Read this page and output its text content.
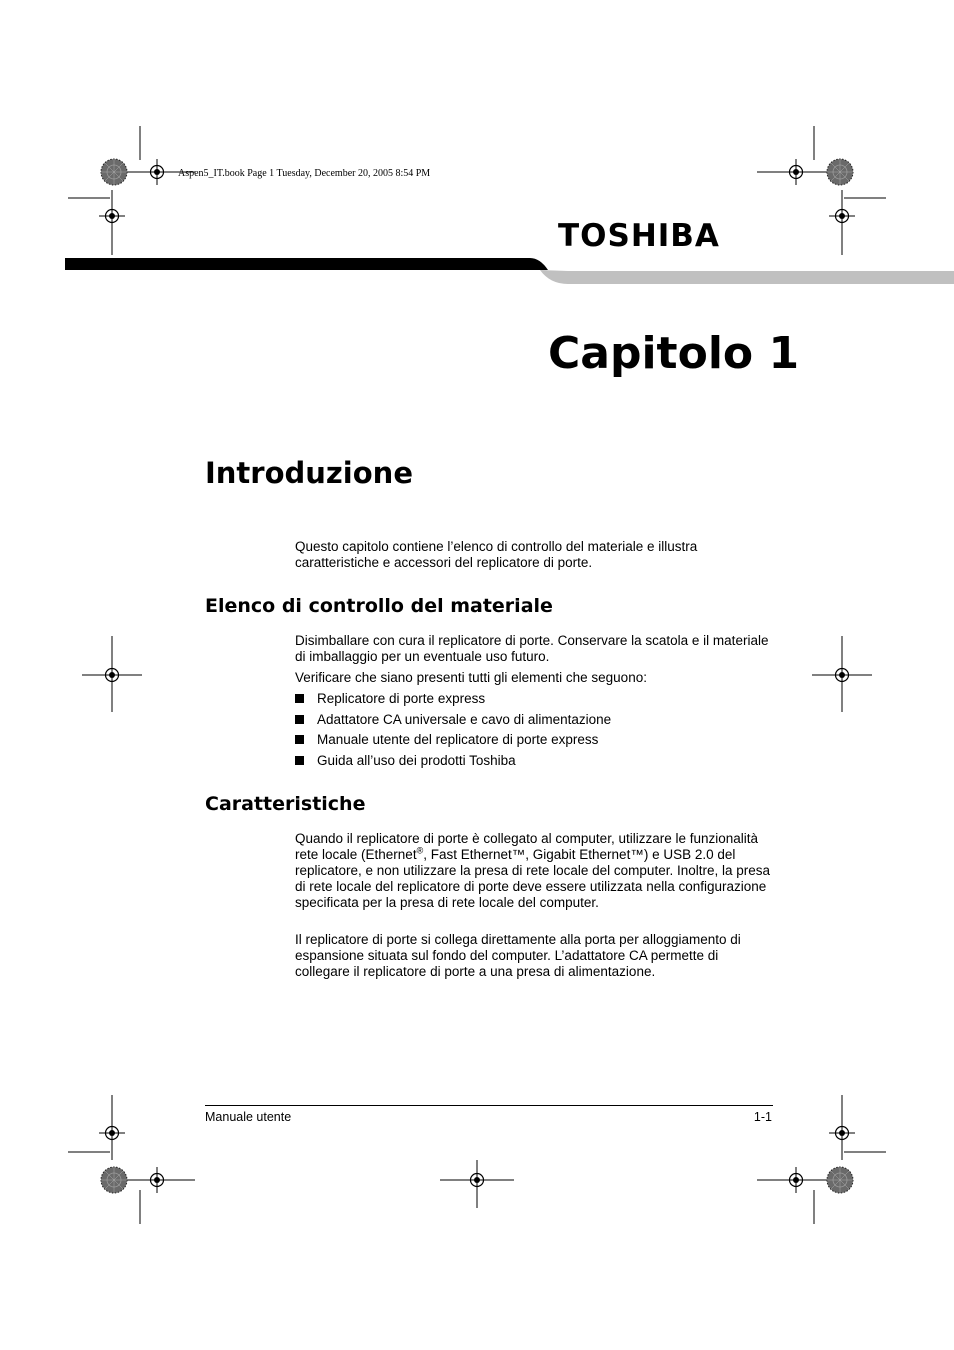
Aspen5_IT.book Page 1 Tuesday, December 20, 2005 8:54 PM
TOSHIBA
Capitolo 1
Introduzione
Questo capitolo contiene l’elenco di controllo del materiale e illustra caratteristiche e accessori del replicatore di porte.
Elenco di controllo del materiale
Disimballare con cura il replicatore di porte. Conservare la scatola e il materiale di imballaggio per un eventuale uso futuro.
Verificare che siano presenti tutti gli elementi che seguono:
Replicatore di porte express
Adattatore CA universale e cavo di alimentazione
Manuale utente del replicatore di porte express
Guida all’uso dei prodotti Toshiba
Caratteristiche
Quando il replicatore di porte è collegato al computer, utilizzare le funzionalità rete locale (Ethernet®, Fast Ethernet™, Gigabit Ethernet™) e USB 2.0 del replicatore, e non utilizzare la presa di rete locale del computer. Inoltre, la presa di rete locale del replicatore di porte deve essere utilizzata nella configurazione specificata per la presa di rete locale del computer.
Il replicatore di porte si collega direttamente alla porta per alloggiamento di espansione situata sul fondo del computer. L’adattatore CA permette di collegare il replicatore di porte a una presa di alimentazione.
Manuale utente	1-1
